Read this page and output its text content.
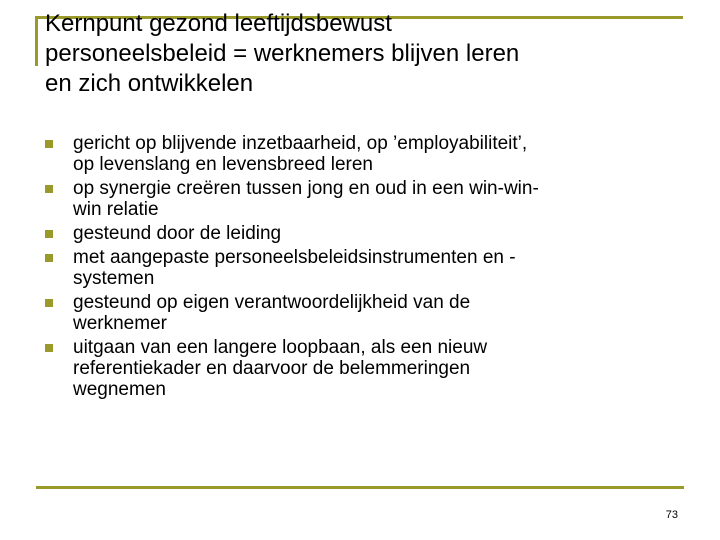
Kernpunt gezond leeftijdsbewust
personeelsbeleid = werknemers blijven leren
en zich ontwikkelen
gericht op blijvende inzetbaarheid, op ’employabiliteit’,
op levenslang en levensbreed leren
op synergie creëren tussen jong en oud in een win-win-
win relatie
gesteund door de leiding
met aangepaste personeelsbeleidsinstrumenten en -
systemen
gesteund op eigen verantwoordelijkheid van de
werknemer
uitgaan van een langere loopbaan, als een nieuw
referentiekader en daarvoor de belemmeringen
wegnemen
73
